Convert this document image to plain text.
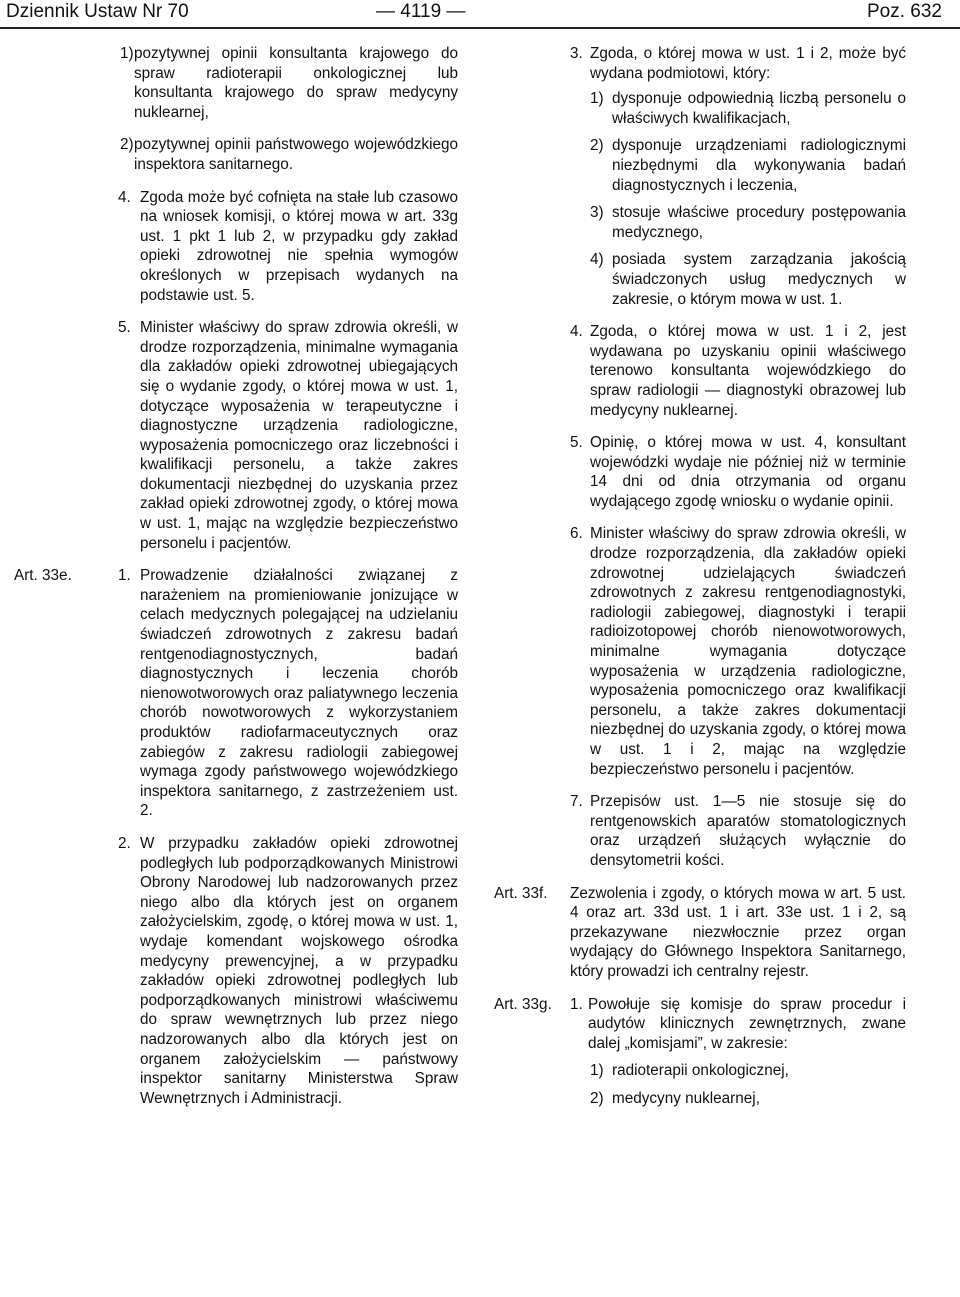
Dziennik Ustaw Nr 70	— 4119 —	Poz. 632
1) pozytywnej opinii konsultanta krajowego do spraw radioterapii onkologicznej lub konsultanta krajowego do spraw medycyny nuklearnej,
2) pozytywnej opinii państwowego wojewódzkiego inspektora sanitarnego.
4. Zgoda może być cofnięta na stałe lub czasowo na wniosek komisji, o której mowa w art. 33g ust. 1 pkt 1 lub 2, w przypadku gdy zakład opieki zdrowotnej nie spełnia wymogów określonych w przepisach wydanych na podstawie ust. 5.
5. Minister właściwy do spraw zdrowia określi, w drodze rozporządzenia, minimalne wymagania dla zakładów opieki zdrowotnej ubiegających się o wydanie zgody, o której mowa w ust. 1, dotyczące wyposażenia w terapeutyczne i diagnostyczne urządzenia radiologiczne, wyposażenia pomocniczego oraz liczebności i kwalifikacji personelu, a także zakres dokumentacji niezbędnej do uzyskania przez zakład opieki zdrowotnej zgody, o której mowa w ust. 1, mając na względzie bezpieczeństwo personelu i pacjentów.
Art. 33e.	1. Prowadzenie działalności związanej z narażeniem na promieniowanie jonizujące w celach medycznych polegającej na udzielaniu świadczeń zdrowotnych z zakresu badań rentgenodiagnostycznych, badań diagnostycznych i leczenia chorób nienowotworowych oraz paliatywnego leczenia chorób nowotworowych z wykorzystaniem produktów radiofarmaceutycznych oraz zabiegów z zakresu radiologii zabiegowej wymaga zgody państwowego wojewódzkiego inspektora sanitarnego, z zastrzeżeniem ust. 2.
2. W przypadku zakładów opieki zdrowotnej podległych lub podporządkowanych Ministrowi Obrony Narodowej lub nadzorowanych przez niego albo dla których jest on organem założycielskim, zgodę, o której mowa w ust. 1, wydaje komendant wojskowego ośrodka medycyny prewencyjnej, a w przypadku zakładów opieki zdrowotnej podległych lub podporządkowanych ministrowi właściwemu do spraw wewnętrznych lub przez niego nadzorowanych albo dla których jest on organem założycielskim — państwowy inspektor sanitarny Ministerstwa Spraw Wewnętrznych i Administracji.
3. Zgoda, o której mowa w ust. 1 i 2, może być wydana podmiotowi, który:
1) dysponuje odpowiednią liczbą personelu o właściwych kwalifikacjach,
2) dysponuje urządzeniami radiologicznymi niezbędnymi dla wykonywania badań diagnostycznych i leczenia,
3) stosuje właściwe procedury postępowania medycznego,
4) posiada system zarządzania jakością świadczonych usług medycznych w zakresie, o którym mowa w ust. 1.
4. Zgoda, o której mowa w ust. 1 i 2, jest wydawana po uzyskaniu opinii właściwego terenowo konsultanta wojewódzkiego do spraw radiologii — diagnostyki obrazowej lub medycyny nuklearnej.
5. Opinię, o której mowa w ust. 4, konsultant wojewódzki wydaje nie później niż w terminie 14 dni od dnia otrzymania od organu wydającego zgodę wniosku o wydanie opinii.
6. Minister właściwy do spraw zdrowia określi, w drodze rozporządzenia, dla zakładów opieki zdrowotnej udzielających świadczeń zdrowotnych z zakresu rentgenodiagnostyki, radiologii zabiegowej, diagnostyki i terapii radioizotopowej chorób nienowotworowych, minimalne wymagania dotyczące wyposażenia w urządzenia radiologiczne, wyposażenia pomocniczego oraz kwalifikacji personelu, a także zakres dokumentacji niezbędnej do uzyskania zgody, o której mowa w ust. 1 i 2, mając na względzie bezpieczeństwo personelu i pacjentów.
7. Przepisów ust. 1—5 nie stosuje się do rentgenowskich aparatów stomatologicznych oraz urządzeń służących wyłącznie do densytometrii kości.
Art. 33f.	Zezwolenia i zgody, o których mowa w art. 5 ust. 4 oraz art. 33d ust. 1 i art. 33e ust. 1 i 2, są przekazywane niezwłocznie przez organ wydający do Głównego Inspektora Sanitarnego, który prowadzi ich centralny rejestr.
Art. 33g. 1. Powołuje się komisje do spraw procedur i audytów klinicznych zewnętrznych, zwane dalej „komisjami”, w zakresie:
1) radioterapii onkologicznej,
2) medycyny nuklearnej,
